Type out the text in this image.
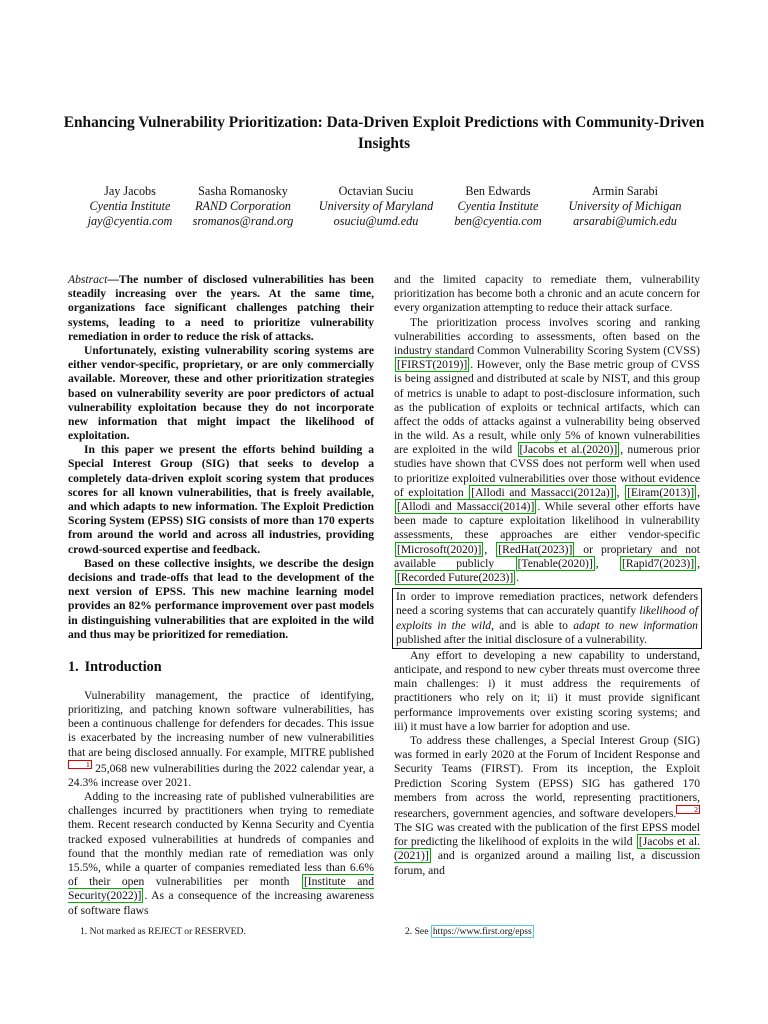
Enhancing Vulnerability Prioritization: Data-Driven Exploit Predictions with Community-Driven Insights
Jay Jacobs
Cyentia Institute
jay@cyentia.com
Sasha Romanosky
RAND Corporation
sromanos@rand.org
Octavian Suciu
University of Maryland
osuciu@umd.edu
Ben Edwards
Cyentia Institute
ben@cyentia.com
Armin Sarabi
University of Michigan
arsarabi@umich.edu

Abstract—The number of disclosed vulnerabilities has been steadily increasing over the years. At the same time, organizations face significant challenges patching their systems, leading to a need to prioritize vulnerability remediation in order to reduce the risk of attacks.

Unfortunately, existing vulnerability scoring systems are either vendor-specific, proprietary, or are only commercially available. Moreover, these and other prioritization strategies based on vulnerability severity are poor predictors of actual vulnerability exploitation because they do not incorporate new information that might impact the likelihood of exploitation.

In this paper we present the efforts behind building a Special Interest Group (SIG) that seeks to develop a completely data-driven exploit scoring system that produces scores for all known vulnerabilities, that is freely available, and which adapts to new information. The Exploit Prediction Scoring System (EPSS) SIG consists of more than 170 experts from around the world and across all industries, providing crowd-sourced expertise and feedback.

Based on these collective insights, we describe the design decisions and trade-offs that lead to the development of the next version of EPSS. This new machine learning model provides an 82% performance improvement over past models in distinguishing vulnerabilities that are exploited in the wild and thus may be prioritized for remediation.

1. Introduction

Vulnerability management, the practice of identifying, prioritizing, and patching known software vulnerabilities, has been a continuous challenge for defenders for decades. This issue is exacerbated by the increasing number of new vulnerabilities that are being disclosed annually. For example, MITRE published1 25,068 new vulnerabilities during the 2022 calendar year, a 24.3% increase over 2021.

Adding to the increasing rate of published vulnerabilities are challenges incurred by practitioners when trying to remediate them. Recent research conducted by Kenna Security and Cyentia tracked exposed vulnerabilities at hundreds of companies and found that the monthly median rate of remediation was only 15.5%, while a quarter of companies remediated less than 6.6% of their open vulnerabilities per month [Institute and Security(2022)] . As a consequence of the increasing awareness of software flaws

and the limited capacity to remediate them, vulnerability prioritization has become both a chronic and an acute concern for every organization attempting to reduce their attack surface.

The prioritization process involves scoring and ranking vulnerabilities according to assessments, often based on the industry standard Common Vulnerability Scoring System (CVSS) [FIRST(2019)] . However, only the Base metric group of CVSS is being assigned and distributed at scale by NIST, and this group of metrics is unable to adapt to post-disclosure information, such as the publication of exploits or technical artifacts, which can affect the odds of attacks against a vulnerability being observed in the wild. As a result, while only 5% of known vulnerabilities are exploited in the wild [Jacobs et al.(2020)] , numerous prior studies have shown that CVSS does not perform well when used to prioritize exploited vulnerabilities over those without evidence of exploitation [Allodi and Massacci(2012a)] , [Eiram(2013)] , [Allodi and Massacci(2014)] . While several other efforts have been made to capture exploitation likelihood in vulnerability assessments, these approaches are either vendor-specific [Microsoft(2020)] , [RedHat(2023)] or proprietary and not available publicly [Tenable(2020)] , [Rapid7(2023)] , [Recorded Future(2023)] .

In order to improve remediation practices, network defenders need a scoring systems that can accurately quantify likelihood of exploits in the wild, and is able to adapt to new information published after the initial disclosure of a vulnerability.

Any effort to developing a new capability to understand, anticipate, and respond to new cyber threats must overcome three main challenges: i) it must address the requirements of practitioners who rely on it; ii) it must provide significant performance improvements over existing scoring systems; and iii) it must have a low barrier for adoption and use.

To address these challenges, a Special Interest Group (SIG) was formed in early 2020 at the Forum of Incident Response and Security Teams (FIRST). From its inception, the Exploit Prediction Scoring System (EPSS) SIG has gathered 170 members from across the world, representing practitioners, researchers, government agencies, and software developers. 2 The SIG was created with the publication of the first EPSS model for predicting the likelihood of exploits in the wild [Jacobs et al.(2021)] and is organized around a mailing list, a discussion forum, and

1. Not marked as REJECT or RESERVED.	2. See https://www.first.org/epss
